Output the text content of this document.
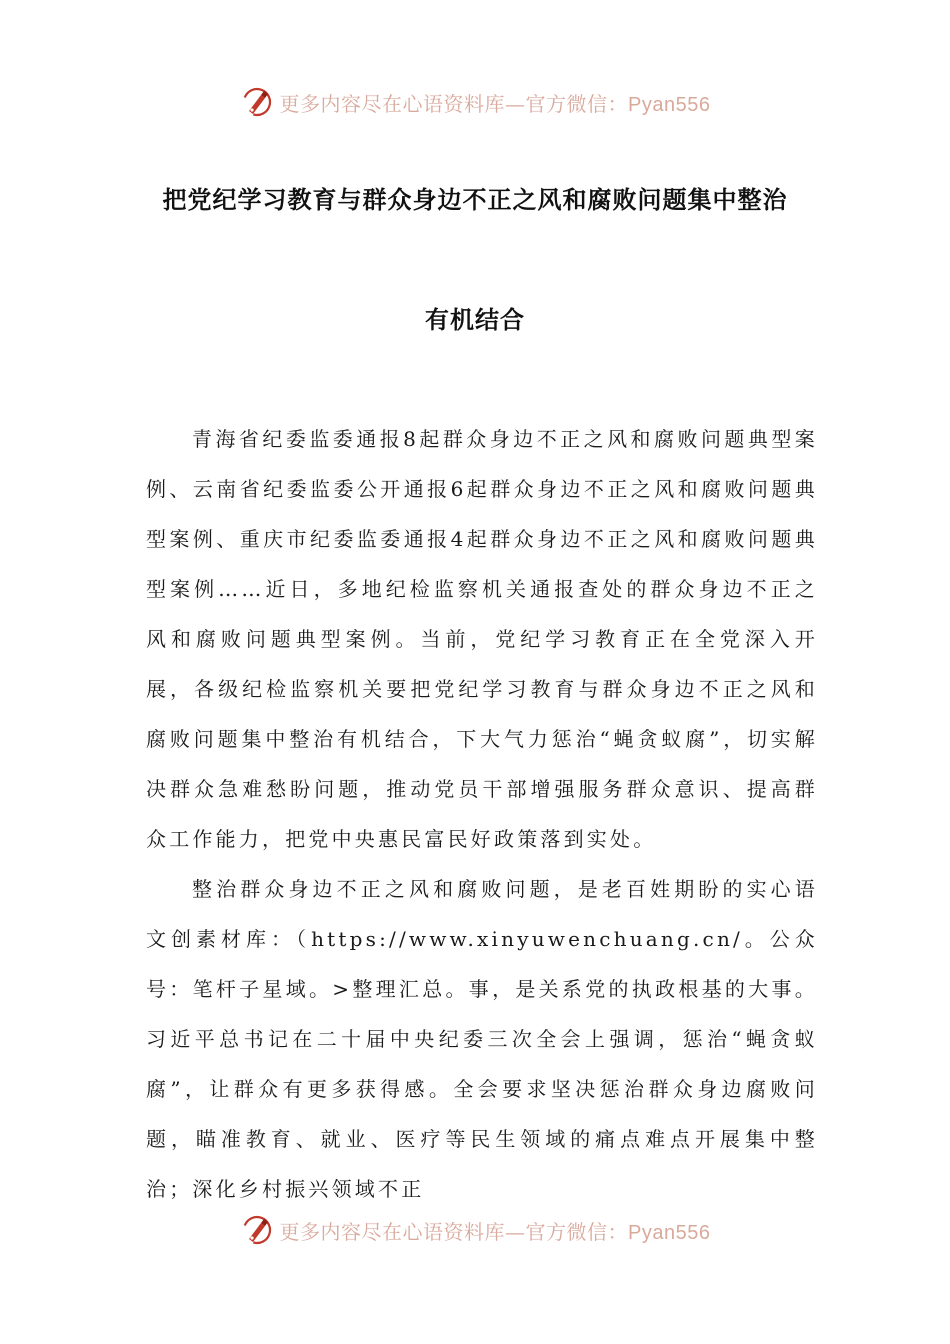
更多内容尽在心语资料库—官方微信：Pyan556
把党纪学习教育与群众身边不正之风和腐败问题集中整治
有机结合

青海省纪委监委通报8起群众身边不正之风和腐败问题典型案例、云南省纪委监委公开通报6起群众身边不正之风和腐败问题典型案例、重庆市纪委监委通报4起群众身边不正之风和腐败问题典型案例……近日，多地纪检监察机关通报查处的群众身边不正之风和腐败问题典型案例。当前，党纪学习教育正在全党深入开展，各级纪检监察机关要把党纪学习教育与群众身边不正之风和腐败问题集中整治有机结合，下大气力惩治“蝇贪蚁腐”，切实解决群众急难愁盼问题，推动党员干部增强服务群众意识、提高群众工作能力，把党中央惠民富民好政策落到实处。

整治群众身边不正之风和腐败问题，是老百姓期盼的实心语文创素材库：（https://www.xinyuwenchuang.cn/。公众号：笔杆子星域。>整理汇总。事，是关系党的执政根基的大事。习近平总书记在二十届中央纪委三次全会上强调，惩治“蝇贪蚁腐”，让群众有更多获得感。全会要求坚决惩治群众身边腐败问题，瞄准教育、就业、医疗等民生领域的痛点难点开展集中整治；深化乡村振兴领域不正

更多内容尽在心语资料库—官方微信：Pyan556
